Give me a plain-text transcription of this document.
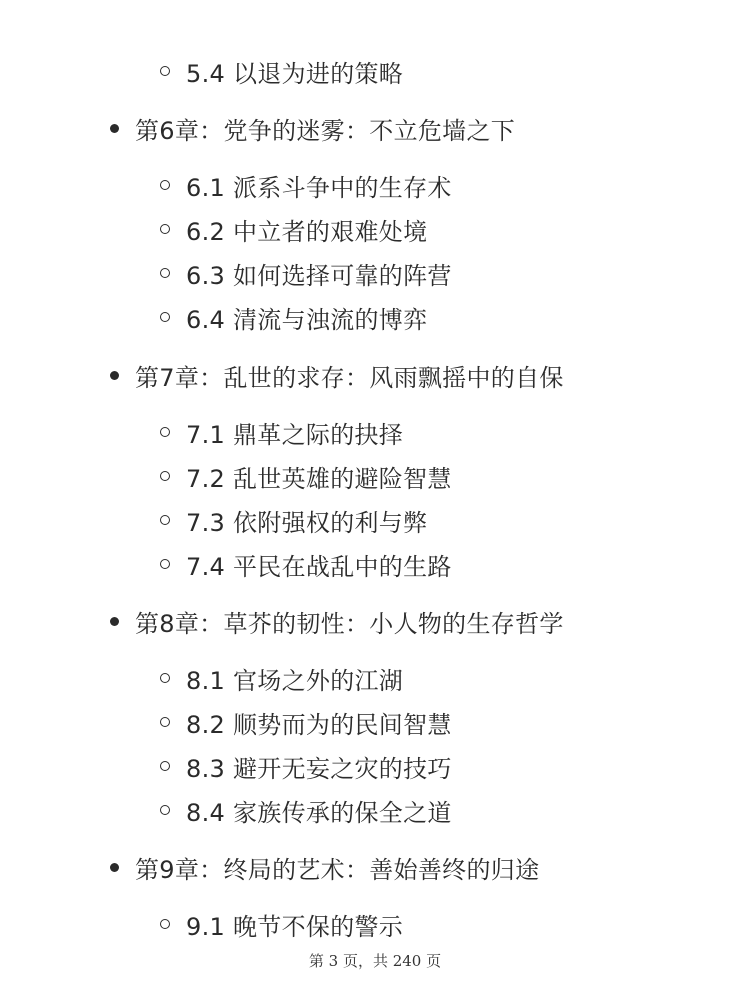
5.4 以退为进的策略
第6章：党争的迷雾：不立危墙之下
6.1 派系斗争中的生存术
6.2 中立者的艰难处境
6.3 如何选择可靠的阵营
6.4 清流与浊流的博弈
第7章：乱世的求存：风雨飘摇中的自保
7.1 鼎革之际的抉择
7.2 乱世英雄的避险智慧
7.3 依附强权的利与弊
7.4 平民在战乱中的生路
第8章：草芥的韧性：小人物的生存哲学
8.1 官场之外的江湖
8.2 顺势而为的民间智慧
8.3 避开无妄之灾的技巧
8.4 家族传承的保全之道
第9章：终局的艺术：善始善终的归途
9.1 晚节不保的警示
第 3 页，共 240 页
